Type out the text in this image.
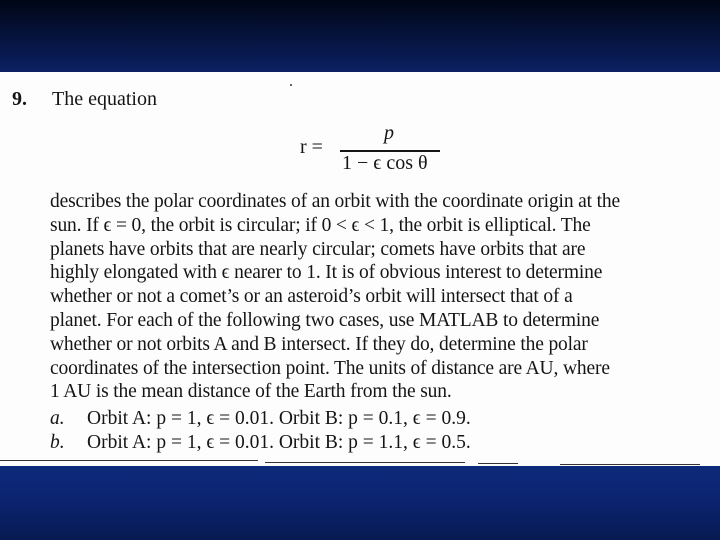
9. The equation
r =
p
1 − ϵ cos θ
describes the polar coordinates of an orbit with the coordinate origin at the
sun. If ϵ = 0, the orbit is circular; if 0 < ϵ < 1, the orbit is elliptical. The
planets have orbits that are nearly circular; comets have orbits that are
highly elongated with ϵ nearer to 1. It is of obvious interest to determine
whether or not a comet’s or an asteroid’s orbit will intersect that of a
planet. For each of the following two cases, use MATLAB to determine
whether or not orbits A and B intersect. If they do, determine the polar
coordinates of the intersection point. The units of distance are AU, where
1 AU is the mean distance of the Earth from the sun.
a. Orbit A: p = 1, ϵ = 0.01. Orbit B: p = 0.1, ϵ = 0.9.
b. Orbit A: p = 1, ϵ = 0.01. Orbit B: p = 1.1, ϵ = 0.5.
